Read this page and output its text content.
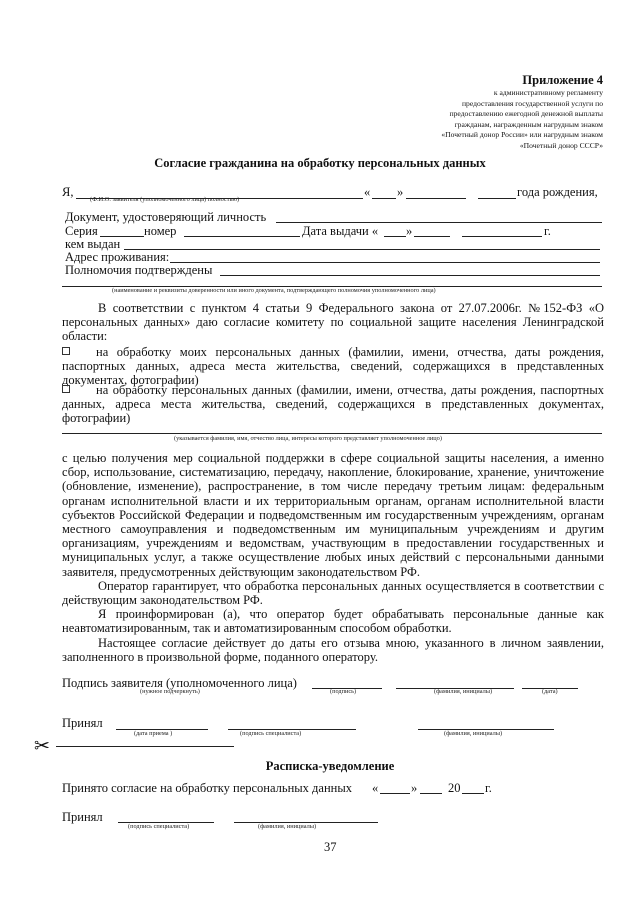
Приложение 4
к административному регламенту
предоставления государственной услуги по
предоставлению ежегодной денежной выплаты
гражданам, награжденным нагрудным знаком
«Почетный донор России» или нагрудным знаком
«Почетный донор СССР»
Согласие гражданина на обработку персональных данных
Я,	« »	года рождения,
(Ф.И.О. заявителя (уполномоченного лица) полностью)
Документ, удостоверяющий личность
Серия	номер	Дата выдачи « »	г.
кем выдан
Адрес проживания:
Полномочия подтверждены
(наименование и реквизиты доверенности или иного документа, подтверждающего полномочия уполномоченного лица)
В соответствии с пунктом 4 статьи 9 Федерального закона от 27.07.2006г. №152-ФЗ «О персональных данных» даю согласие комитету по социальной защите населения Ленинградской области:
на обработку моих персональных данных (фамилии, имени, отчества, даты рождения, паспортных данных, адреса места жительства, сведений, содержащихся в представленных документах, фотографии)
на обработку персональных данных (фамилии, имени, отчества, даты рождения, паспортных данных, адреса места жительства, сведений, содержащихся в представленных документах, фотографии)
(указывается фамилия, имя, отчество лица, интересы которого представляет уполномоченное лицо)
с целью получения мер социальной поддержки в сфере социальной защиты населения, а именно сбор, использование, систематизацию, передачу, накопление, блокирование, хранение, уничтожение (обновление, изменение), распространение, в том числе передачу третьим лицам: федеральным органам исполнительной власти и их территориальным органам, органам исполнительной власти субъектов Российской Федерации и подведомственным им государственным учреждениям, органам местного самоуправления и подведомственным им муниципальным учреждениям и другим организациям, учреждениям и ведомствам, участвующим в предоставлении государственных и муниципальных услуг, а также осуществление любых иных действий с персональными данными заявителя, предусмотренных действующим законодательством РФ.
Оператор гарантирует, что обработка персональных данных осуществляется в соответствии с действующим законодательством РФ.
Я проинформирован (а), что оператор будет обрабатывать персональные данные как неавтоматизированным, так и автоматизированным способом обработки.
Настоящее согласие действует до даты его отзыва мною, указанного в личном заявлении, заполненного в произвольной форме, поданного оператору.
Подпись заявителя (уполномоченного лица)
(нужное подчеркнуть)	(подпись)	(фамилия, инициалы)	(дата)
Принял
(дата приема )	(подпись специалиста)	(фамилия, инициалы)
✂
Расписка-уведомление
Принято согласие на обработку персональных данных «	» 20 г.
Принял
(подпись специалиста)	(фамилия, инициалы)
37
